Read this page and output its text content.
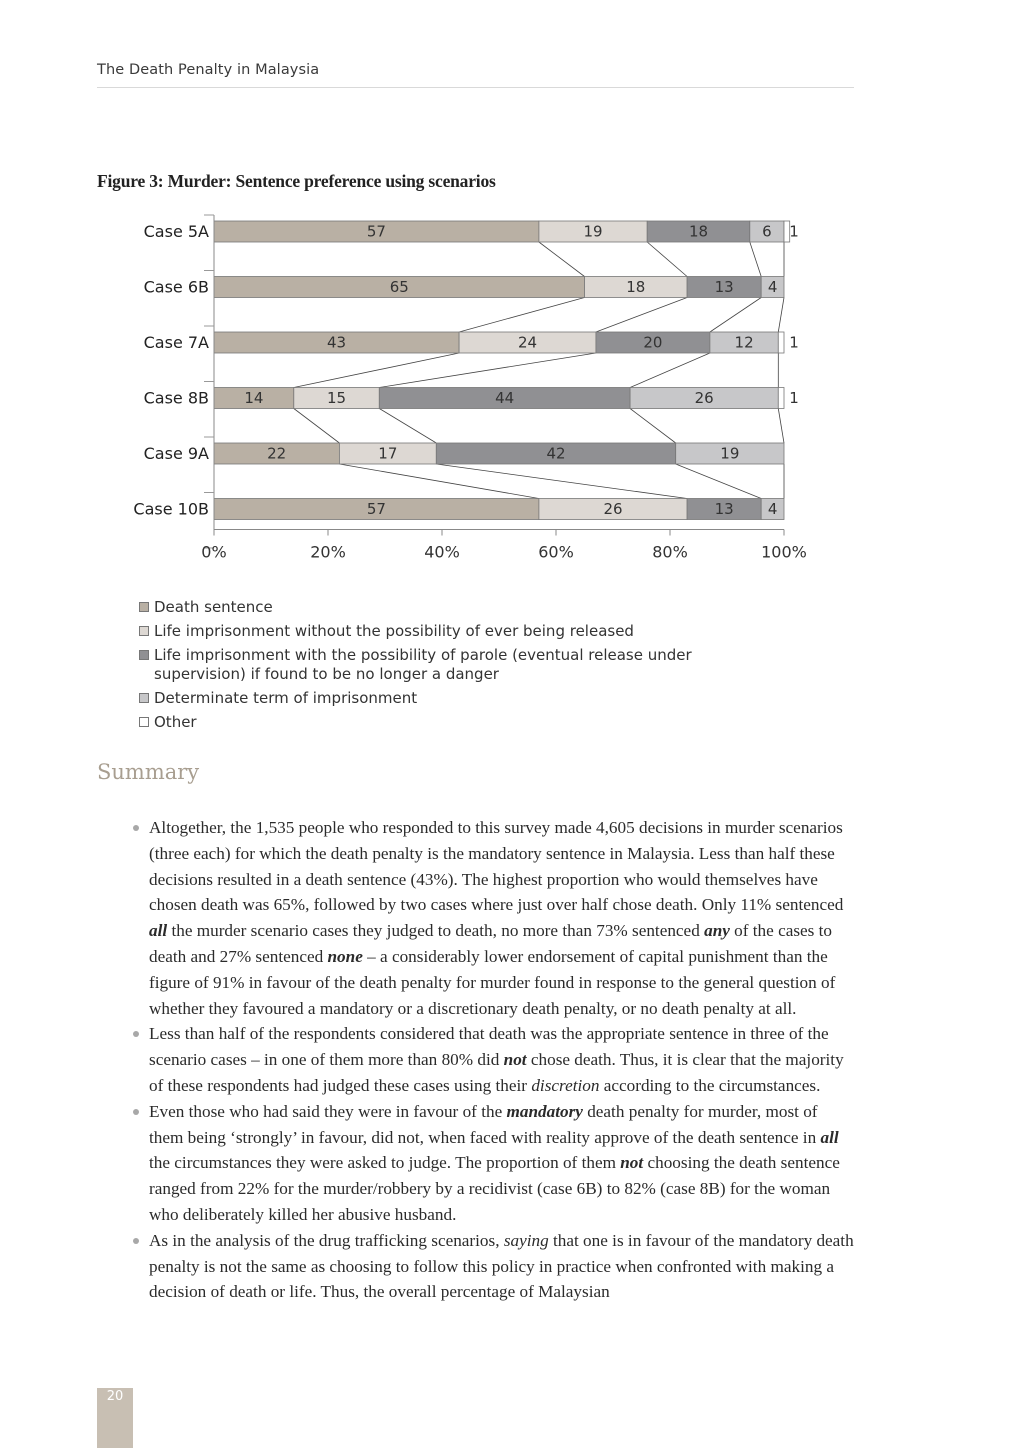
The Death Penalty in Malaysia
Figure 3: Murder: Sentence preference using scenarios
57	19	18	6 1
Case 5A
65	18	13 4
Case 6B
43	24	20	12 1
Case 7A
14	15	44	26	1
Case 8B
22	17	42	19
Case 9A
57	26	13 4
Case 10B
0%	20%	40%	60%	80%	100%
Death sentence
Life imprisonment without the possibility of ever being released
Life imprisonment with the possibility of parole (eventual release under supervision) if found to be no longer a danger
Determinate term of imprisonment
Other
Summary
Altogether, the 1,535 people who responded to this survey made 4,605 decisions in murder scenarios (three each) for which the death penalty is the mandatory sentence in Malaysia. Less than half these decisions resulted in a death sentence (43%). The highest proportion who would themselves have chosen death was 65%, followed by two cases where just over half chose death. Only 11% sentenced all the murder scenario cases they judged to death, no more than 73% sentenced any of the cases to death and 27% sentenced none – a considerably lower endorsement of capital punishment than the figure of 91% in favour of the death penalty for murder found in response to the general question of whether they favoured a mandatory or a discretionary death penalty, or no death penalty at all.
Less than half of the respondents considered that death was the appropriate sentence in three of the scenario cases – in one of them more than 80% did not chose death. Thus, it is clear that the majority of these respondents had judged these cases using their discretion according to the circumstances.
Even those who had said they were in favour of the mandatory death penalty for murder, most of them being ‘strongly’ in favour, did not, when faced with reality approve of the death sentence in all the circumstances they were asked to judge. The proportion of them not choosing the death sentence ranged from 22% for the murder/robbery by a recidivist (case 6B) to 82% (case 8B) for the woman who deliberately killed her abusive husband.
As in the analysis of the drug trafficking scenarios, saying that one is in favour of the mandatory death penalty is not the same as choosing to follow this policy in practice when confronted with making a decision of death or life. Thus, the overall percentage of Malaysian
20
